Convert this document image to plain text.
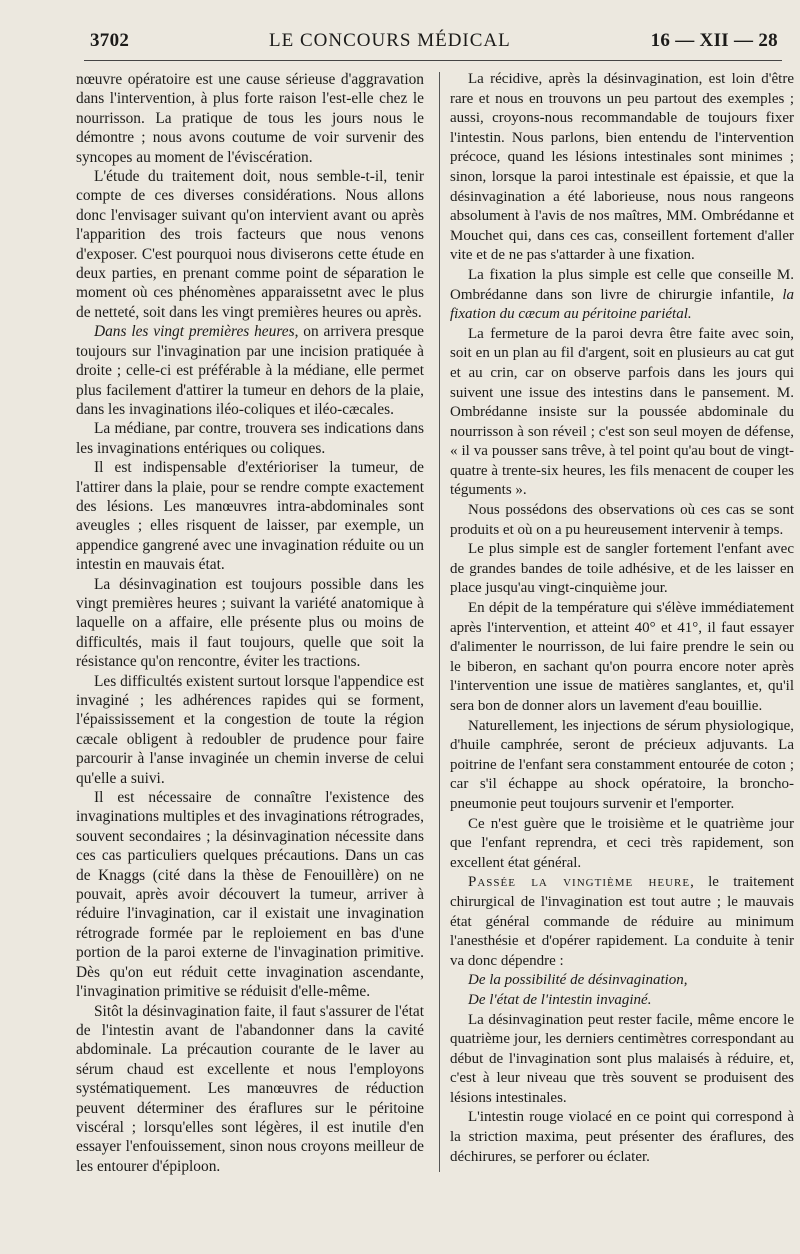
3702	LE CONCOURS MÉDICAL	16 — XII — 28

nœuvre opératoire est une cause sérieuse d'aggravation dans l'intervention, à plus forte raison l'est-elle chez le nourrisson. La pratique de tous les jours nous le démontre ; nous avons coutume de voir survenir des syncopes au moment de l'éviscération.

L'étude du traitement doit, nous semble-t-il, tenir compte de ces diverses considérations. Nous allons donc l'envisager suivant qu'on intervient avant ou après l'apparition des trois facteurs que nous venons d'exposer. C'est pourquoi nous diviserons cette étude en deux parties, en prenant comme point de séparation le moment où ces phénomènes apparaissetnt avec le plus de netteté, soit dans les vingt premières heures ou après.

Dans les vingt premières heures, on arrivera presque toujours sur l'invagination par une incision pratiquée à droite ; celle-ci est préférable à la médiane, elle permet plus facilement d'attirer la tumeur en dehors de la plaie, dans les invaginations iléo-coliques et iléo-cæcales.

La médiane, par contre, trouvera ses indications dans les invaginations entériques ou coliques.

Il est indispensable d'extérioriser la tumeur, de l'attirer dans la plaie, pour se rendre compte exactement des lésions. Les manœuvres intra-abdominales sont aveugles ; elles risquent de laisser, par exemple, un appendice gangrené avec une invagination réduite ou un intestin en mauvais état.

La désinvagination est toujours possible dans les vingt premières heures ; suivant la variété anatomique à laquelle on a affaire, elle présente plus ou moins de difficultés, mais il faut toujours, quelle que soit la résistance qu'on rencontre, éviter les tractions.

Les difficultés existent surtout lorsque l'appendice est invaginé ; les adhérences rapides qui se forment, l'épaississement et la congestion de toute la région cæcale obligent à redoubler de prudence pour faire parcourir à l'anse invaginée un chemin inverse de celui qu'elle a suivi.

Il est nécessaire de connaître l'existence des invaginations multiples et des invaginations rétrogrades, souvent secondaires ; la désinvagination nécessite dans ces cas particuliers quelques précautions. Dans un cas de Knaggs (cité dans la thèse de Fenouillère) on ne pouvait, après avoir découvert la tumeur, arriver à réduire l'invagination, car il existait une invagination rétrograde formée par le reploiement en bas d'une portion de la paroi externe de l'invagination primitive. Dès qu'on eut réduit cette invagination ascendante, l'invagination primitive se réduisit d'elle-même.

Sitôt la désinvagination faite, il faut s'assurer de l'état de l'intestin avant de l'abandonner dans la cavité abdominale. La précaution courante de le laver au sérum chaud est excellente et nous l'employons systématiquement. Les manœuvres de réduction peuvent déterminer des éraflures sur le péritoine viscéral ; lorsqu'elles sont légères, il est inutile d'en essayer l'enfouissement, sinon nous croyons meilleur de les entourer d'épiploon.

La récidive, après la désinvagination, est loin d'être rare et nous en trouvons un peu partout des exemples ; aussi, croyons-nous recommandable de toujours fixer l'intestin. Nous parlons, bien entendu de l'intervention précoce, quand les lésions intestinales sont minimes ; sinon, lorsque la paroi intestinale est épaissie, et que la désinvagination a été laborieuse, nous nous rangeons absolument à l'avis de nos maîtres, MM. Ombrédanne et Mouchet qui, dans ces cas, conseillent fortement d'aller vite et de ne pas s'attarder à une fixation.

La fixation la plus simple est celle que conseille M. Ombrédanne dans son livre de chirurgie infantile, la fixation du cæcum au péritoine pariétal.

La fermeture de la paroi devra être faite avec soin, soit en un plan au fil d'argent, soit en plusieurs au cat gut et au crin, car on observe parfois dans les jours qui suivent une issue des intestins dans le pansement. M. Ombrédanne insiste sur la poussée abdominale du nourrisson à son réveil ; c'est son seul moyen de défense, « il va pousser sans trêve, à tel point qu'au bout de vingt-quatre à trente-six heures, les fils menacent de couper les téguments ».

Nous possédons des observations où ces cas se sont produits et où on a pu heureusement intervenir à temps.

Le plus simple est de sangler fortement l'enfant avec de grandes bandes de toile adhésive, et de les laisser en place jusqu'au vingt-cinquième jour.

En dépit de la température qui s'élève immédiatement après l'intervention, et atteint 40° et 41°, il faut essayer d'alimenter le nourrisson, de lui faire prendre le sein ou le biberon, en sachant qu'on pourra encore noter après l'intervention une issue de matières sanglantes, et, qu'il sera bon de donner alors un lavement d'eau bouillie.

Naturellement, les injections de sérum physiologique, d'huile camphrée, seront de précieux adjuvants. La poitrine de l'enfant sera constamment entourée de coton ; car s'il échappe au shock opératoire, la broncho-pneumonie peut toujours survenir et l'emporter.

Ce n'est guère que le troisième et le quatrième jour que l'enfant reprendra, et ceci très rapidement, son excellent état général.

Passée la vingtième heure, le traitement chirurgical de l'invagination est tout autre ; le mauvais état général commande de réduire au minimum l'anesthésie et d'opérer rapidement. La conduite à tenir va donc dépendre :

De la possibilité de désinvagination,

De l'état de l'intestin invaginé.

La désinvagination peut rester facile, même encore le quatrième jour, les derniers centimètres correspondant au début de l'invagination sont plus malaisés à réduire, et, c'est à leur niveau que très souvent se produisent des lésions intestinales.

L'intestin rouge violacé en ce point qui correspond à la striction maxima, peut présenter des éraflures, des déchirures, se perforer ou éclater.
